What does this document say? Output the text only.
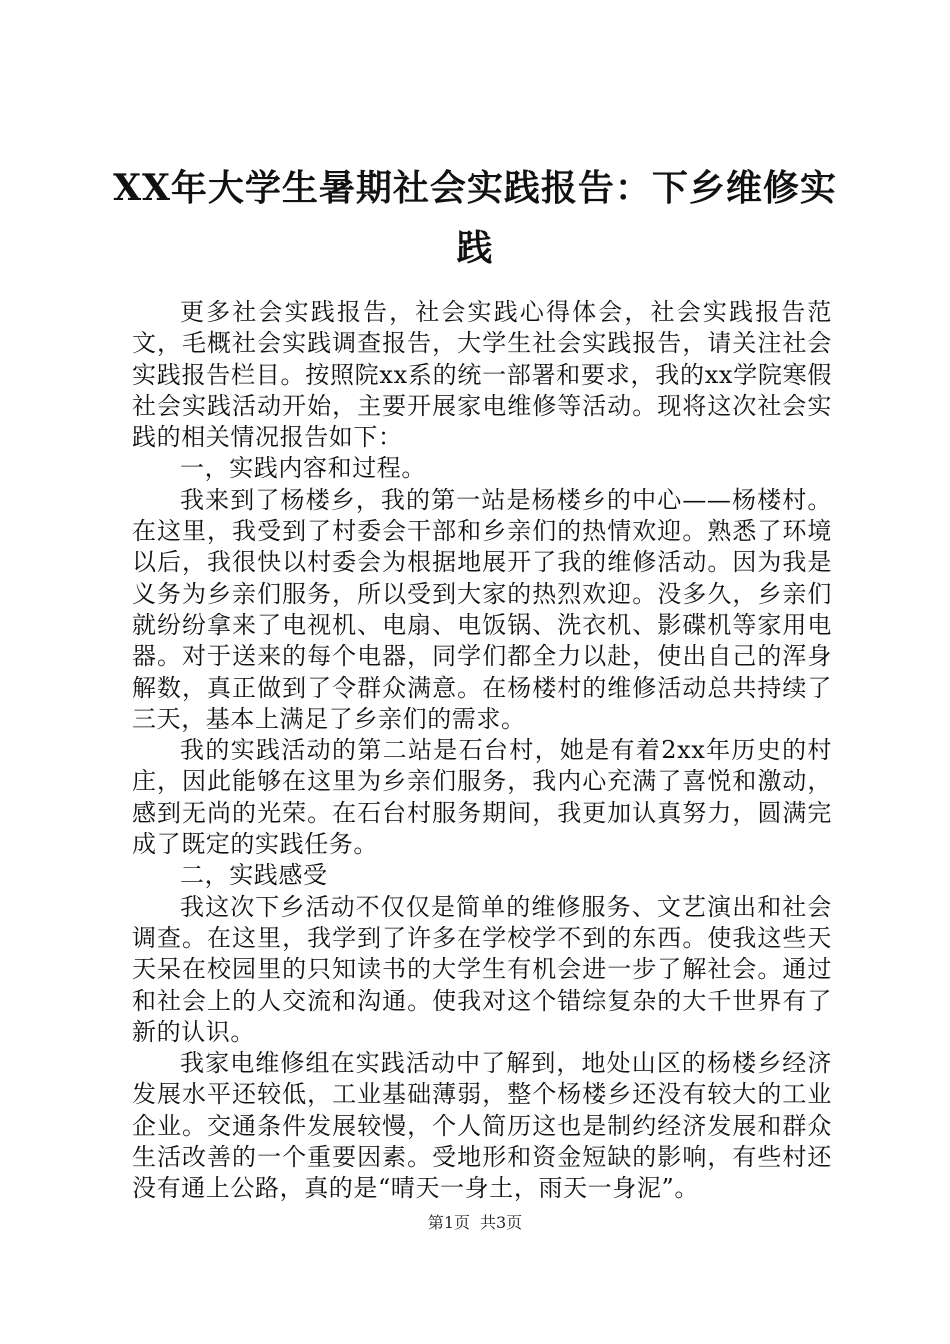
XX年大学生暑期社会实践报告：下乡维修实践

更多社会实践报告，社会实践心得体会，社会实践报告范文，毛概社会实践调查报告，大学生社会实践报告，请关注社会实践报告栏目。按照院xx系的统一部署和要求，我的xx学院寒假社会实践活动开始，主要开展家电维修等活动。现将这次社会实践的相关情况报告如下：

一，实践内容和过程。

我来到了杨楼乡，我的第一站是杨楼乡的中心——杨楼村。在这里，我受到了村委会干部和乡亲们的热情欢迎。熟悉了环境以后，我很快以村委会为根据地展开了我的维修活动。因为我是义务为乡亲们服务，所以受到大家的热烈欢迎。没多久，乡亲们就纷纷拿来了电视机、电扇、电饭锅、洗衣机、影碟机等家用电器。对于送来的每个电器，同学们都全力以赴，使出自己的浑身解数，真正做到了令群众满意。在杨楼村的维修活动总共持续了三天，基本上满足了乡亲们的需求。

我的实践活动的第二站是石台村，她是有着2xx年历史的村庄，因此能够在这里为乡亲们服务，我内心充满了喜悦和激动，感到无尚的光荣。在石台村服务期间，我更加认真努力，圆满完成了既定的实践任务。

二，实践感受

我这次下乡活动不仅仅是简单的维修服务、文艺演出和社会调查。在这里，我学到了许多在学校学不到的东西。使我这些天天呆在校园里的只知读书的大学生有机会进一步了解社会。通过和社会上的人交流和沟通。使我对这个错综复杂的大千世界有了新的认识。

我家电维修组在实践活动中了解到，地处山区的杨楼乡经济发展水平还较低，工业基础薄弱，整个杨楼乡还没有较大的工业企业。交通条件发展较慢，个人简历这也是制约经济发展和群众生活改善的一个重要因素。受地形和资金短缺的影响，有些村还没有通上公路，真的是“晴天一身土，雨天一身泥”。

第1页 共3页
